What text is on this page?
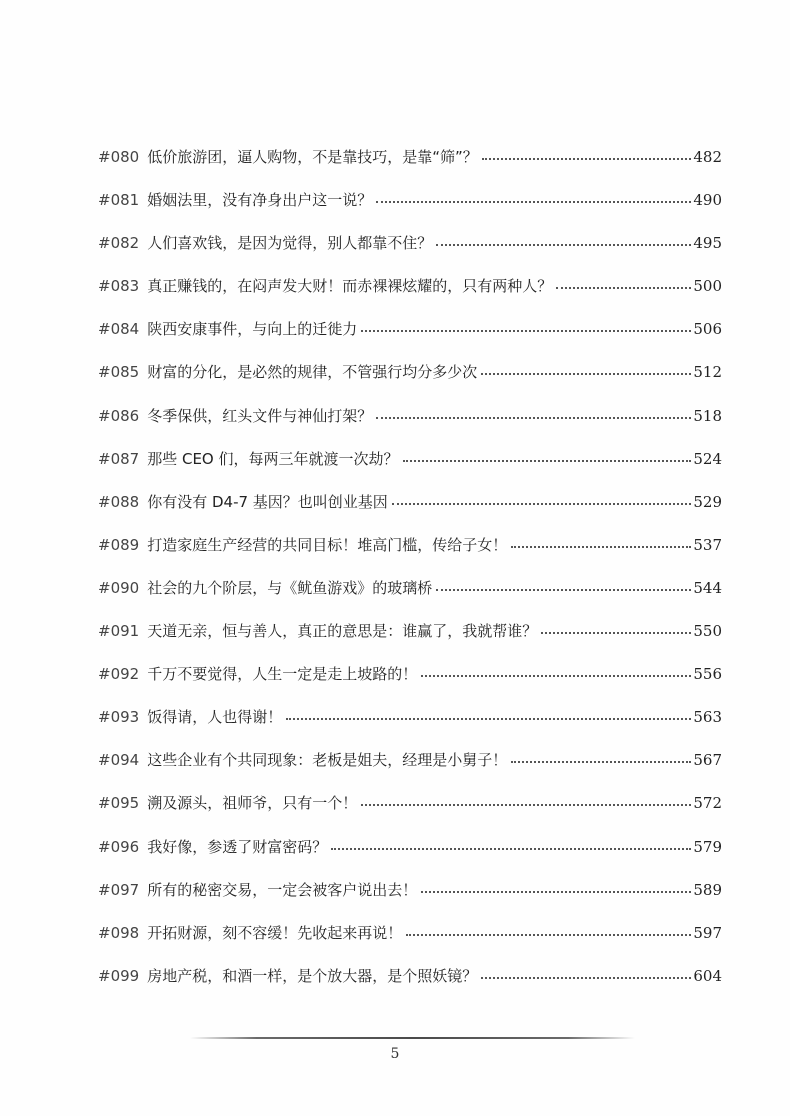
#080 低价旅游团，逼人购物，不是靠技巧，是靠“筛”？	482
#081 婚姻法里，没有净身出户这一说？	490
#082 人们喜欢钱，是因为觉得，别人都靠不住？	495
#083 真正赚钱的，在闷声发大财！而赤裸裸炫耀的，只有两种人？	500
#084 陕西安康事件，与向上的迁徙力	506
#085 财富的分化，是必然的规律，不管强行均分多少次	512
#086 冬季保供，红头文件与神仙打架？	518
#087 那些 CEO 们，每两三年就渡一次劫？	524
#088 你有没有 D4-7 基因？也叫创业基因	529
#089 打造家庭生产经营的共同目标！堆高门槛，传给子女！	537
#090 社会的九个阶层，与《鱿鱼游戏》的玻璃桥	544
#091 天道无亲，恒与善人，真正的意思是：谁赢了，我就帮谁？	550
#092 千万不要觉得，人生一定是走上坡路的！	556
#093 饭得请，人也得谢！	563
#094 这些企业有个共同现象：老板是姐夫，经理是小舅子！	567
#095 溯及源头，祖师爷，只有一个！	572
#096 我好像，参透了财富密码？	579
#097 所有的秘密交易，一定会被客户说出去！	589
#098 开拓财源，刻不容缓！先收起来再说！	597
#099 房地产税，和酒一样，是个放大器，是个照妖镜？	604
5
